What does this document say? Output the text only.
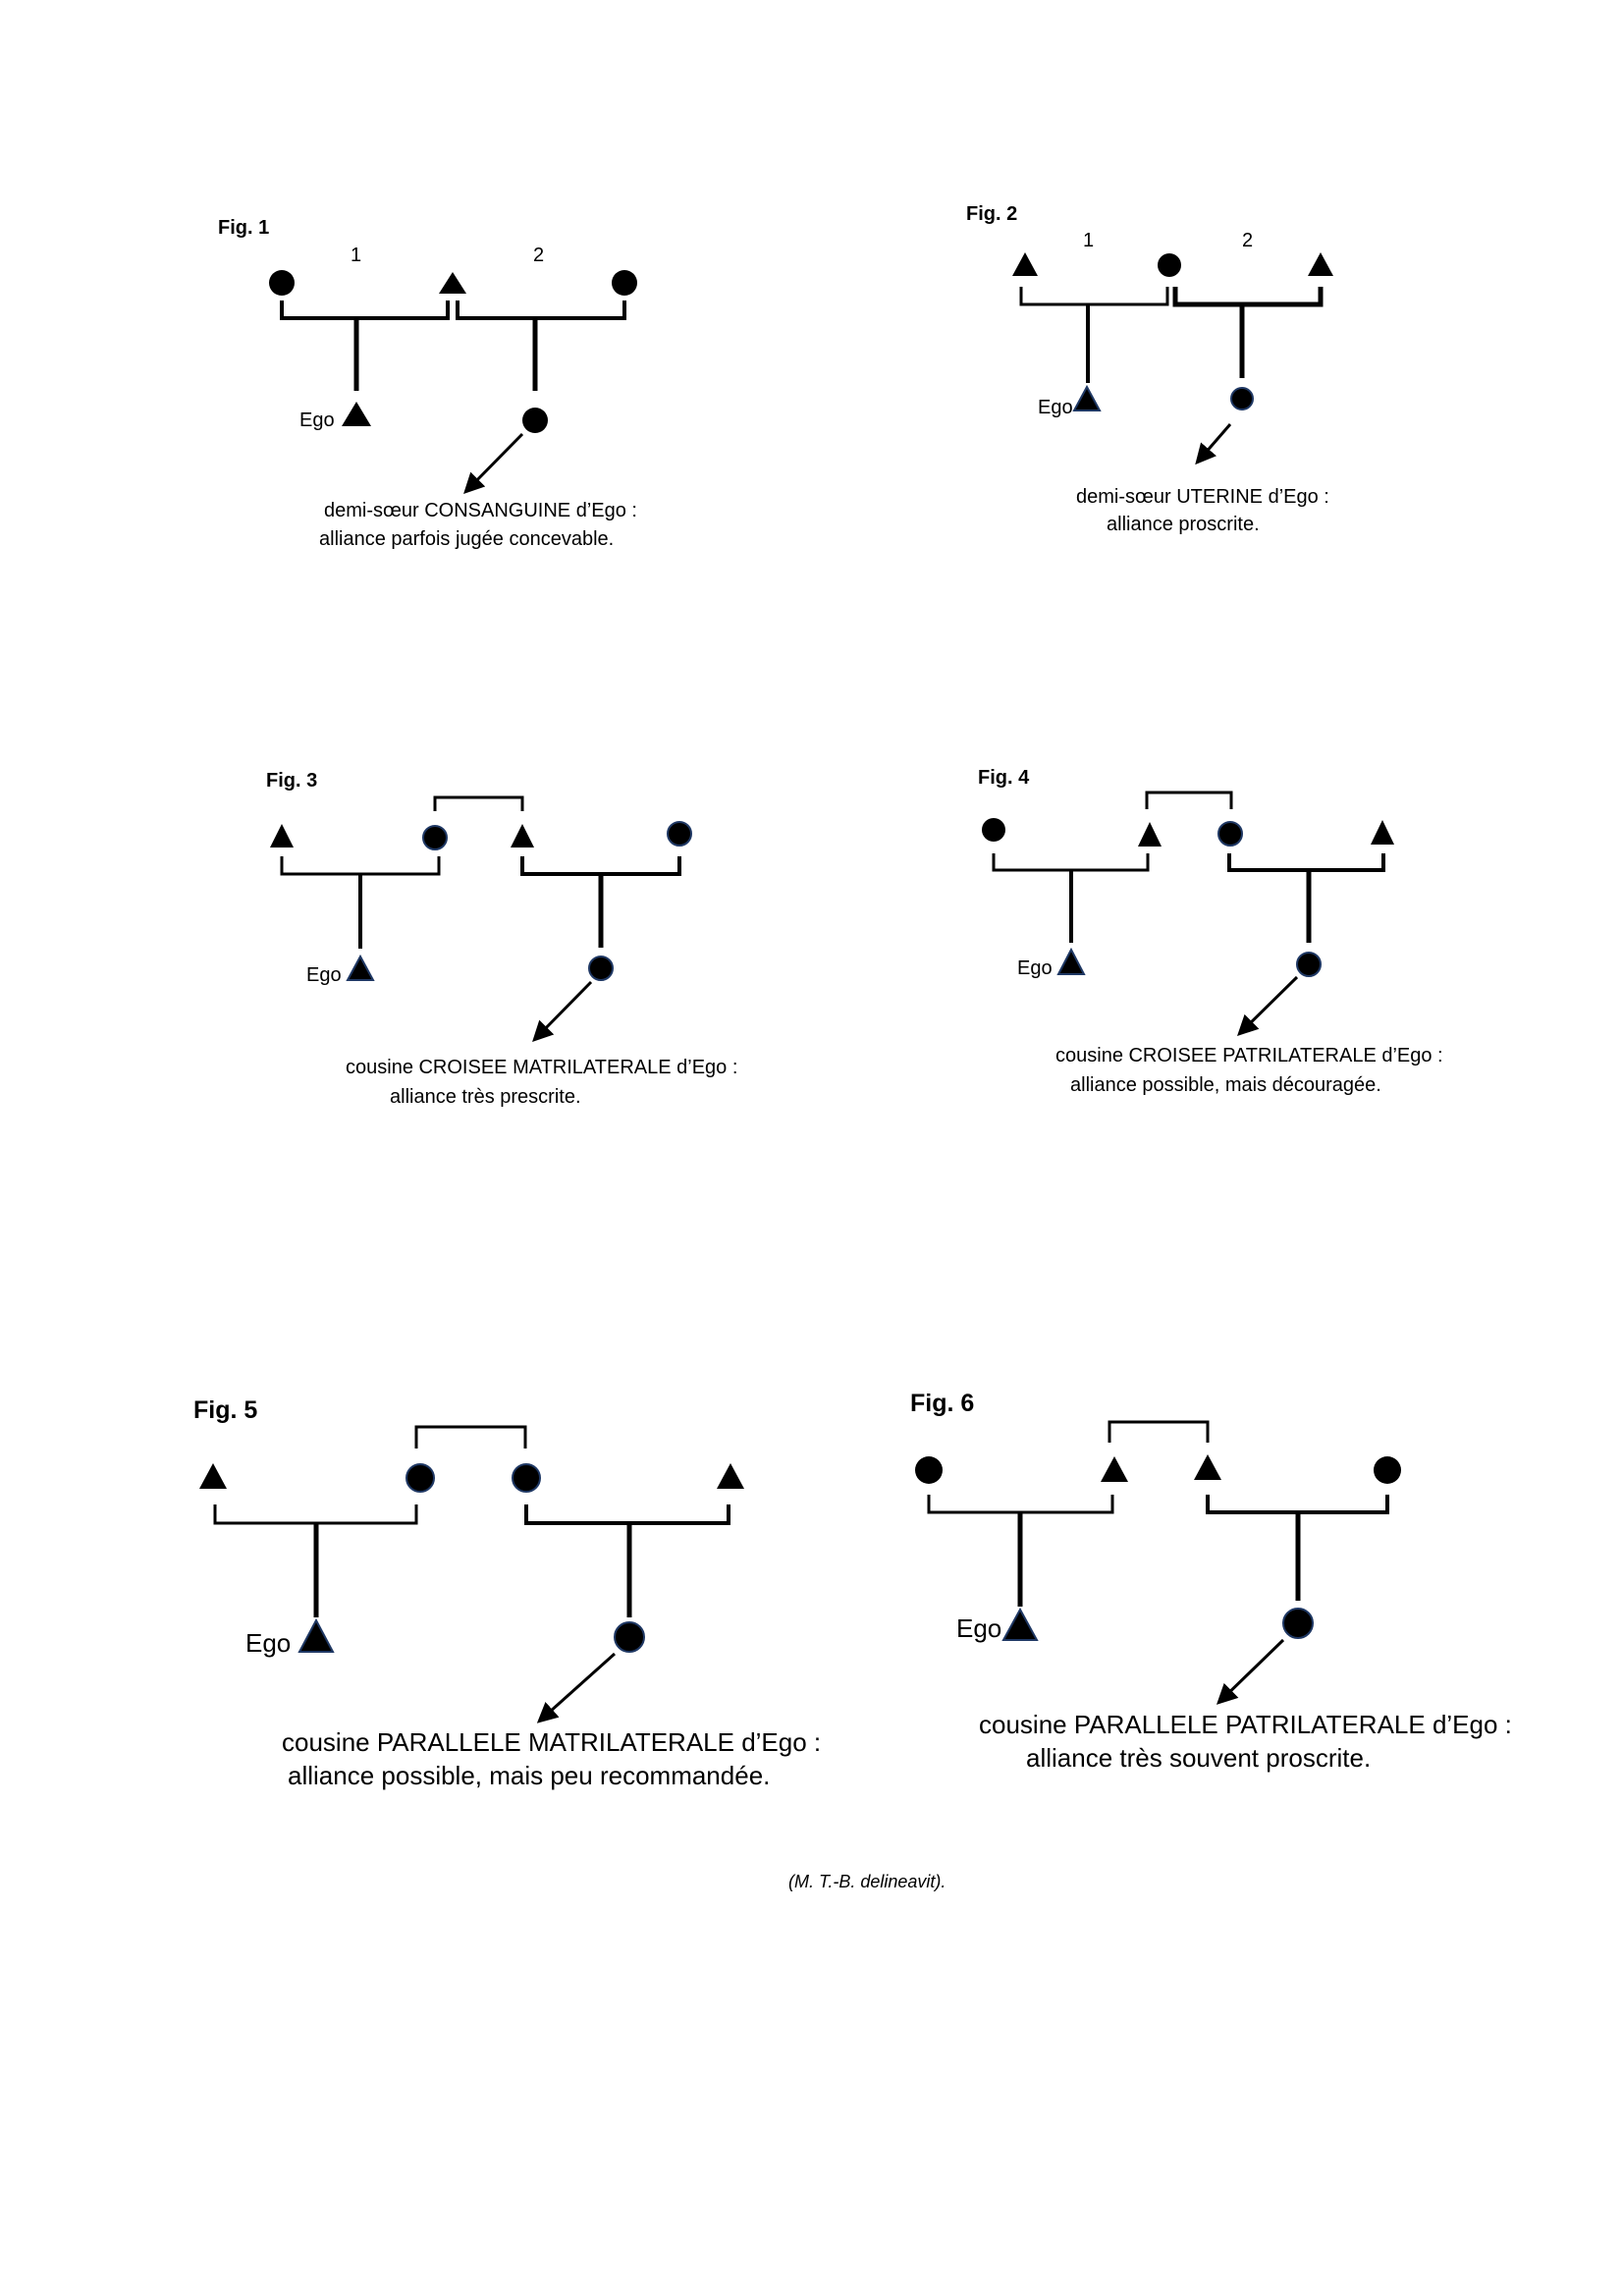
Fig. 1
1	2
Ego
demi-sœur CONSANGUINE d’Ego :
alliance parfois jugée concevable.
Fig. 2
1	2
Ego
demi-sœur UTERINE d’Ego :
alliance proscrite.
Fig. 3
Ego
cousine CROISEE MATRILATERALE d’Ego :
alliance très prescrite.
Fig. 4
Ego
cousine CROISEE PATRILATERALE d’Ego :
alliance possible, mais découragée.
Fig. 5
Ego
cousine PARALLELE MATRILATERALE d’Ego :
alliance possible, mais peu recommandée.
Fig. 6
Ego
cousine PARALLELE PATRILATERALE d’Ego :
alliance très souvent proscrite.
(M. T.-B. delineavit).
